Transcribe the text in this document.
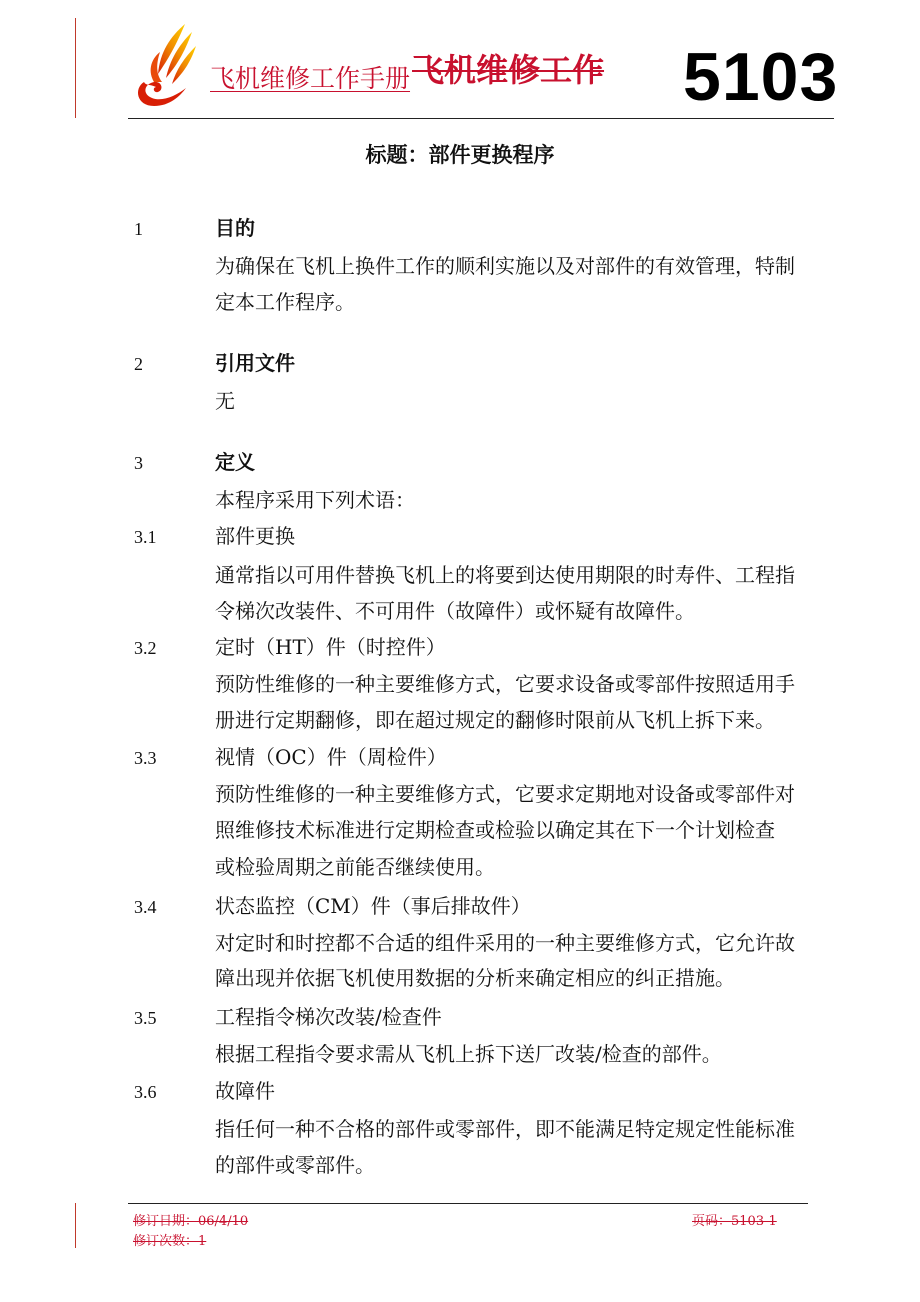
飞机维修工作手册飞机维修工作 5103
标题：部件更换程序
1	目的
为确保在飞机上换件工作的顺利实施以及对部件的有效管理，特制
定本工作程序。
2	引用文件
无
3	定义
本程序采用下列术语：
3.1	部件更换
通常指以可用件替换飞机上的将要到达使用期限的时寿件、工程指
令梯次改装件、不可用件（故障件）或怀疑有故障件。
3.2	定时（HT）件（时控件）
预防性维修的一种主要维修方式，它要求设备或零部件按照适用手
册进行定期翻修，即在超过规定的翻修时限前从飞机上拆下来。
3.3	视情（OC）件（周检件）
预防性维修的一种主要维修方式，它要求定期地对设备或零部件对
照维修技术标准进行定期检查或检验以确定其在下一个计划检查
或检验周期之前能否继续使用。
3.4	状态监控（CM）件（事后排故件）
对定时和时控都不合适的组件采用的一种主要维修方式，它允许故
障出现并依据飞机使用数据的分析来确定相应的纠正措施。
3.5	工程指令梯次改装/检查件
根据工程指令要求需从飞机上拆下送厂改装/检查的部件。
3.6	故障件
指任何一种不合格的部件或零部件，即不能满足特定规定性能标准
的部件或零部件。
修订日期：06/4/10	页码：5103-1
修订次数：1
